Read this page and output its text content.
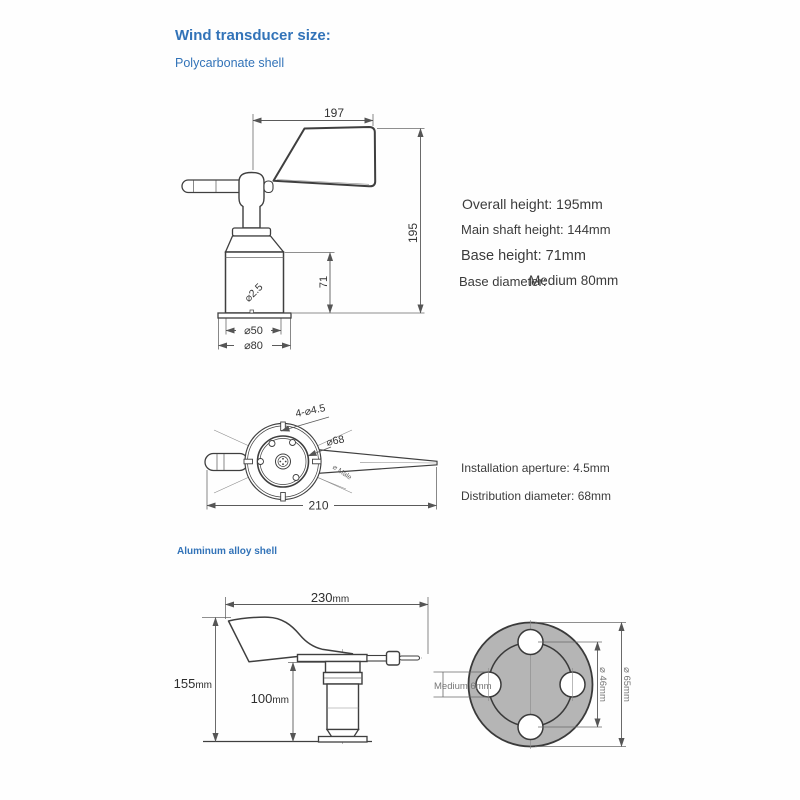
197
195
71
⌀2.5
⌀50
⌀80
4-⌀4.5
⌀68
⌀ Male
210
230mm
155mm
100mm
Medium 6mm	⌀ 46mm ⌀ 65mm
Wind transducer size:
Polycarbonate shell
Overall height: 195mm
Main shaft height: 144mm
Base height: 71mm
Base diameter:
Medium 80mm
Installation aperture: 4.5mm
Distribution diameter: 68mm
Aluminum alloy shell
